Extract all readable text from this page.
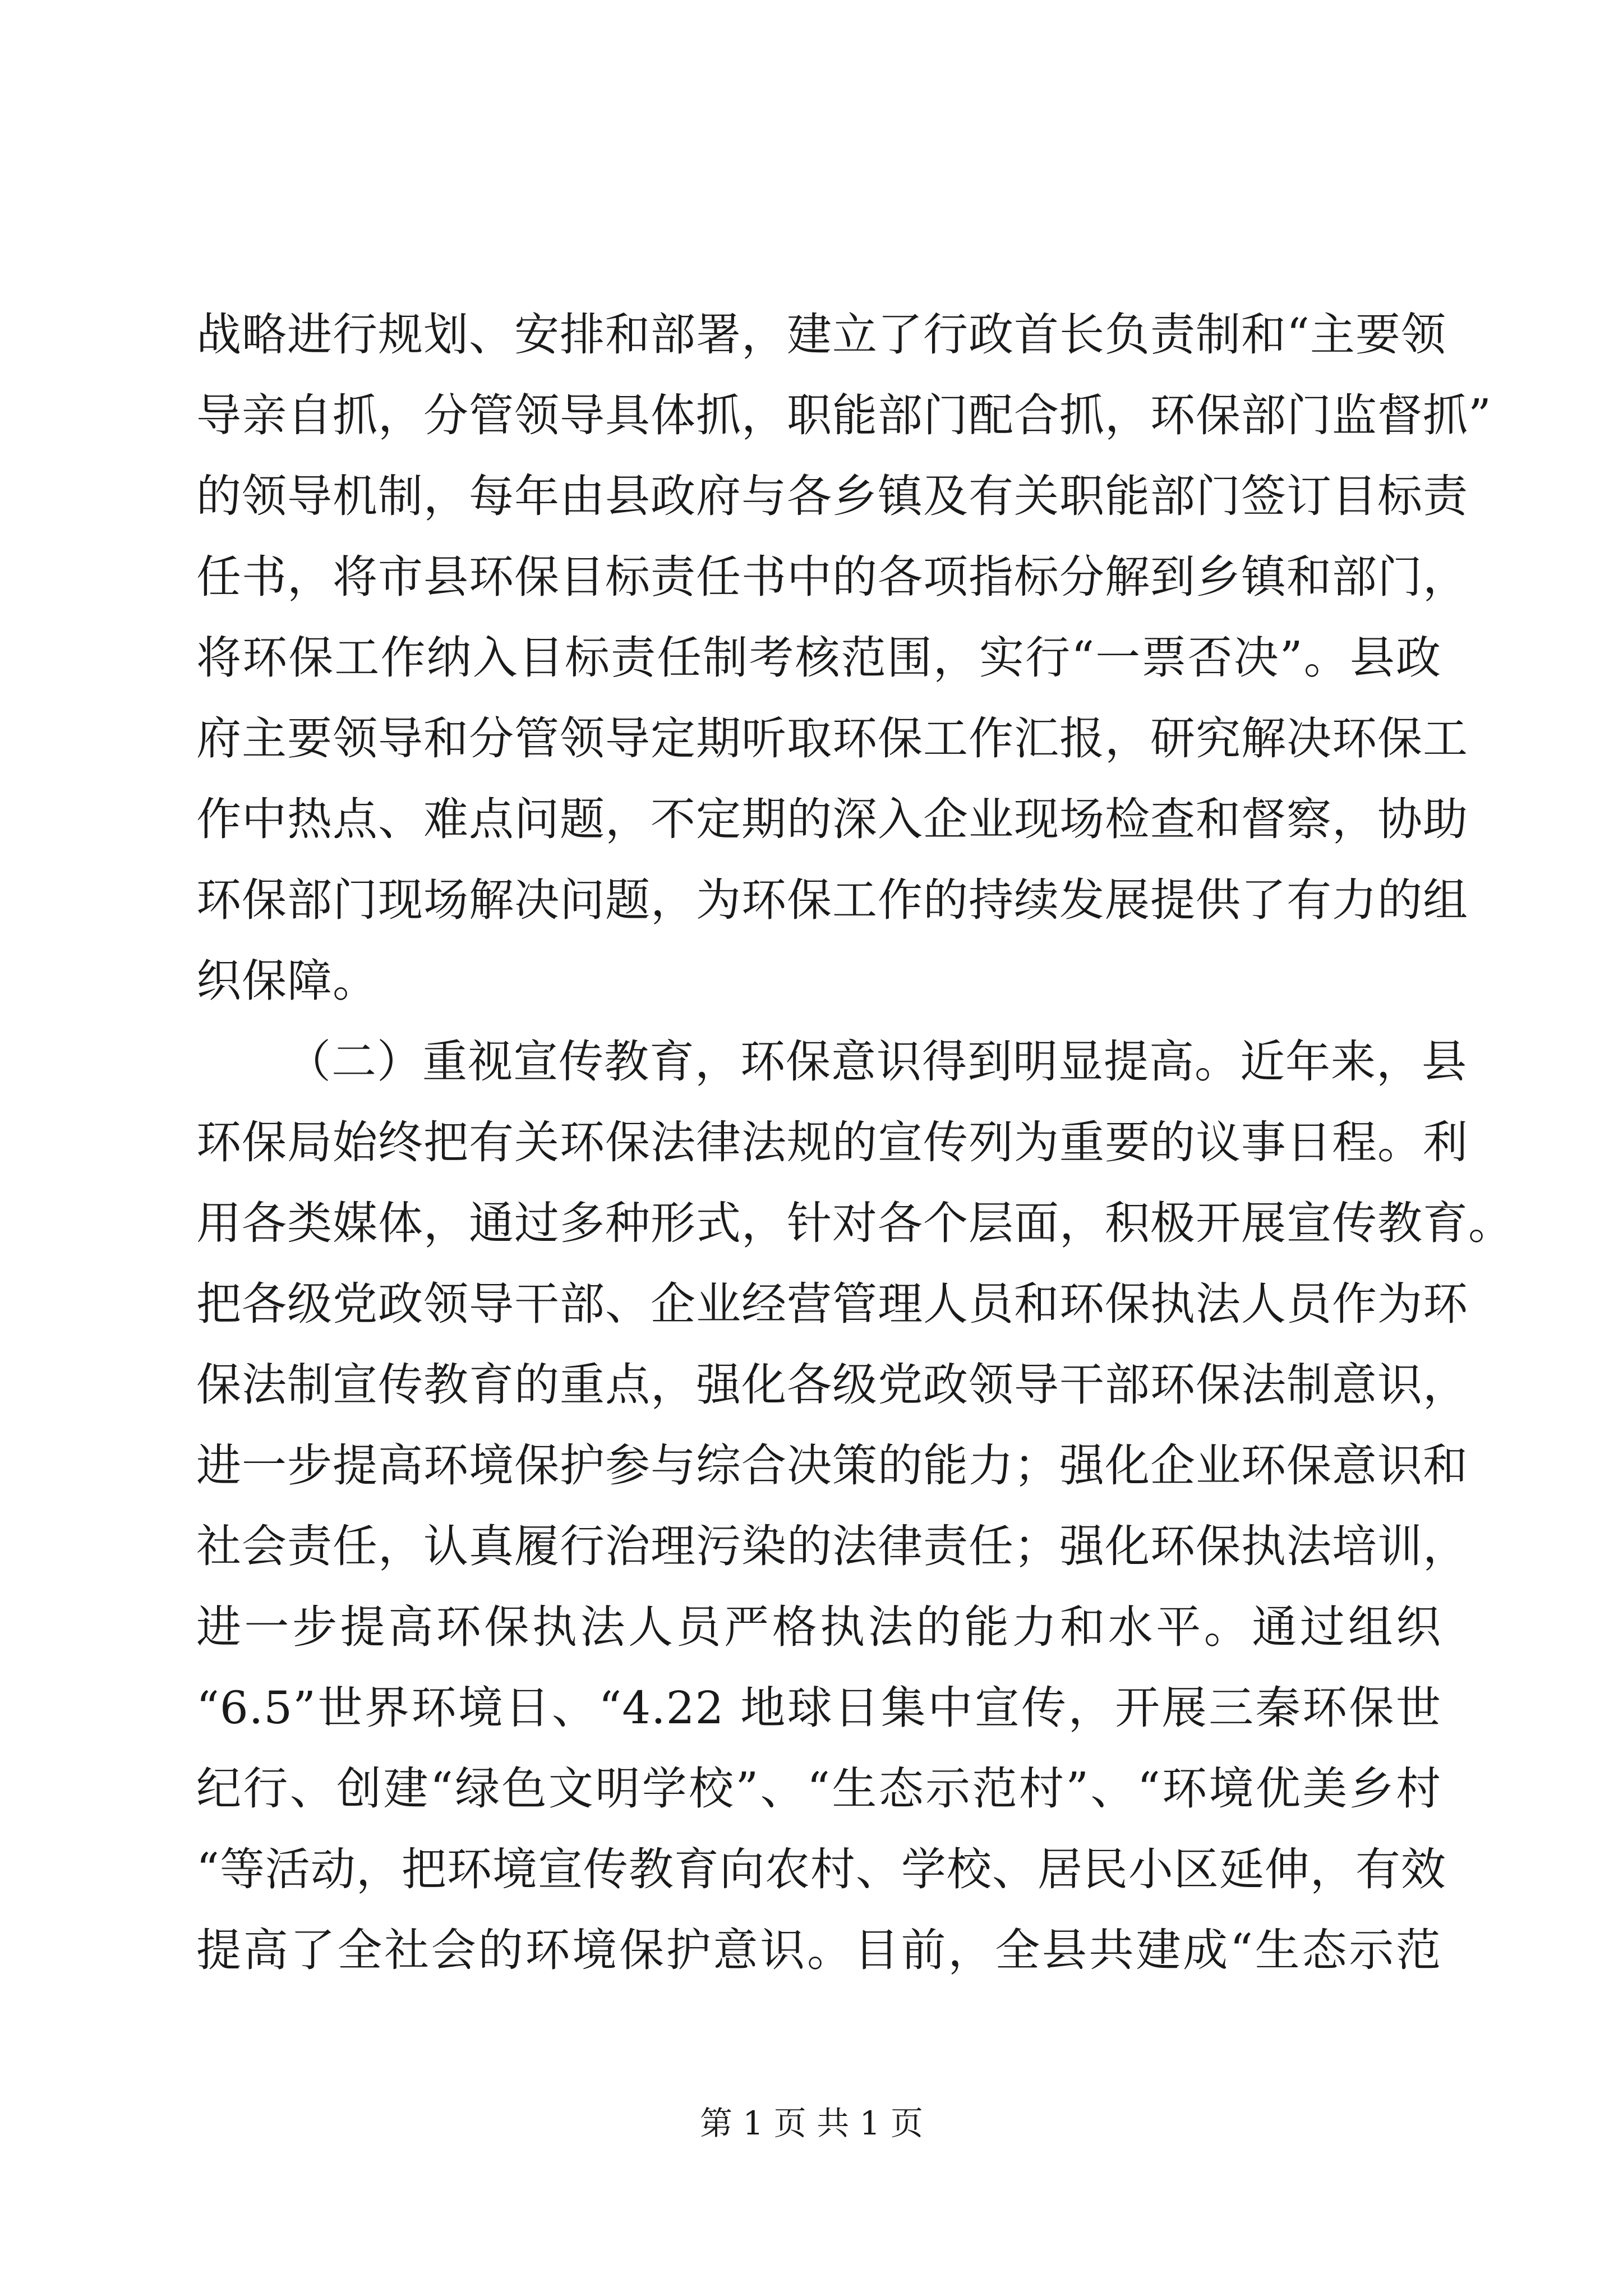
战略进行规划、安排和部署，建立了行政首长负责制和“主要领
导亲自抓，分管领导具体抓，职能部门配合抓，环保部门监督抓”
的领导机制，每年由县政府与各乡镇及有关职能部门签订目标责
任书，将市县环保目标责任书中的各项指标分解到乡镇和部门，
将环保工作纳入目标责任制考核范围，实行“一票否决”。县政
府主要领导和分管领导定期听取环保工作汇报，研究解决环保工
作中热点、难点问题，不定期的深入企业现场检查和督察，协助
环保部门现场解决问题，为环保工作的持续发展提供了有力的组
织保障。
（二）重视宣传教育，环保意识得到明显提高。近年来，县
环保局始终把有关环保法律法规的宣传列为重要的议事日程。利
用各类媒体，通过多种形式，针对各个层面，积极开展宣传教育。
把各级党政领导干部、企业经营管理人员和环保执法人员作为环
保法制宣传教育的重点，强化各级党政领导干部环保法制意识，
进一步提高环境保护参与综合决策的能力；强化企业环保意识和
社会责任，认真履行治理污染的法律责任；强化环保执法培训，
进一步提高环保执法人员严格执法的能力和水平。通过组织
“6.5”世界环境日、“4.22 地球日集中宣传，开展三秦环保世
纪行、创建“绿色文明学校”、“生态示范村”、“环境优美乡村
“等活动，把环境宣传教育向农村、学校、居民小区延伸，有效
提高了全社会的环境保护意识。目前，全县共建成“生态示范
第 1 页 共 1 页
